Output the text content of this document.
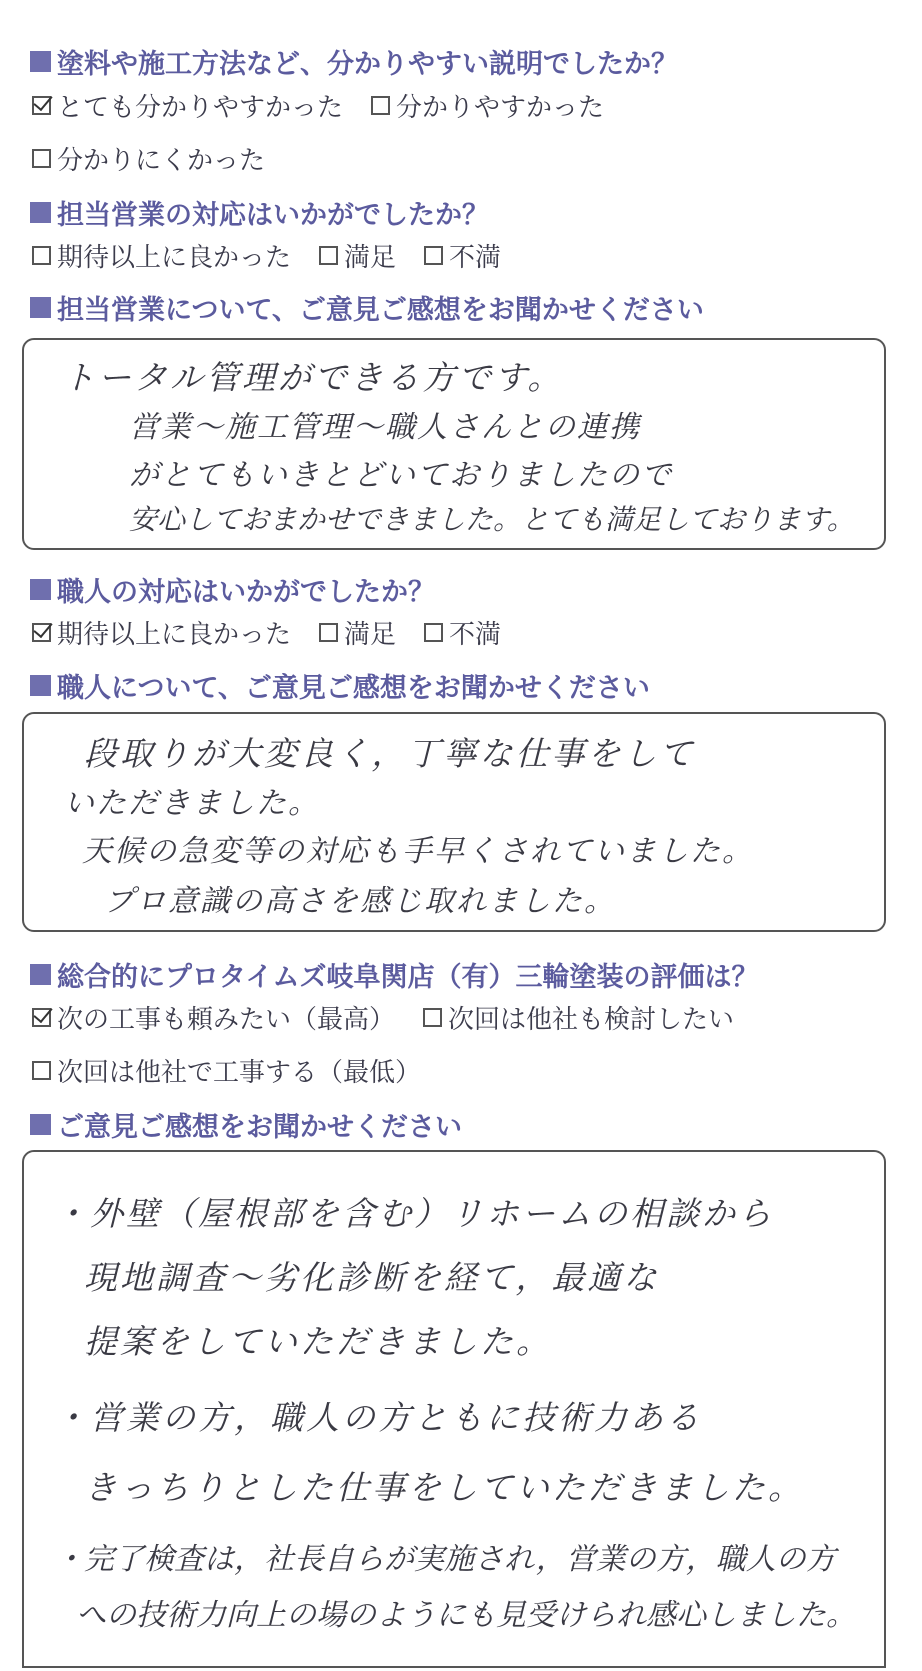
塗料や施工方法など、分かりやすい説明でしたか？
とても分かりやすかった 分かりやすかった
分かりにくかった
担当営業の対応はいかがでしたか？
期待以上に良かった 満足 不満
担当営業について、ご意見ご感想をお聞かせください
トータル管理ができる方です。
営業～施工管理～職人さんとの連携
がとてもいきとどいておりましたので
安心しておまかせできました。とても満足しております。
職人の対応はいかがでしたか？
期待以上に良かった 満足 不満
職人について、ご意見ご感想をお聞かせください
段取りが大変良く，丁寧な仕事をして
いただきました。
天候の急変等の対応も手早くされていました。
プロ意識の高さを感じ取れました。
総合的にプロタイムズ岐阜関店（有）三輪塗装の評価は？
次の工事も頼みたい（最高） 次回は他社も検討したい
次回は他社で工事する（最低）
ご意見ご感想をお聞かせください
・外壁（屋根部を含む）リホームの相談から
現地調査～劣化診断を経て，最適な
提案をしていただきました。
・営業の方，職人の方ともに技術力ある
きっちりとした仕事をしていただきました。
・完了検査は，社長自らが実施され，営業の方，職人の方
への技術力向上の場のようにも見受けられ感心しました。
